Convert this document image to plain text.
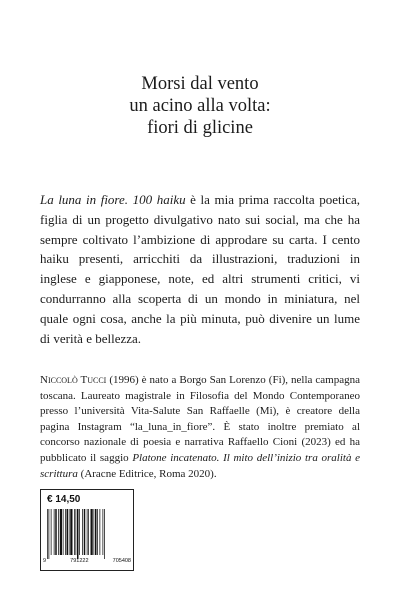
Morsi dal vento
un acino alla volta:
fiori di glicine
La luna in fiore. 100 haiku è la mia prima raccolta poetica, figlia di un progetto divulgativo nato sui social, ma che ha sempre coltivato l’ambizione di approdare su carta. I cento haiku presenti, arricchiti da illustrazioni, traduzioni in inglese e giapponese, note, ed altri strumenti critici, vi condurranno alla scoperta di un mondo in miniatura, nel quale ogni cosa, anche la più minuta, può divenire un lume di verità e bellezza.
Niccolò Tucci (1996) è nato a Borgo San Lorenzo (Fi), nella campagna toscana. Laureato magistrale in Filosofia del Mondo Contemporaneo presso l’università Vita-Salute San Raffaelle (Mi), è creatore della pagina Instagram “la_luna_in_fiore”. È stato inoltre premiato al concorso nazionale di poesia e narrativa Raffaello Cioni (2023) ed ha pubblicato il saggio Platone incatenato. Il mito dell’inizio tra oralità e scrittura (Aracne Editrice, Roma 2020).
€ 14,50
9	791222	705408
